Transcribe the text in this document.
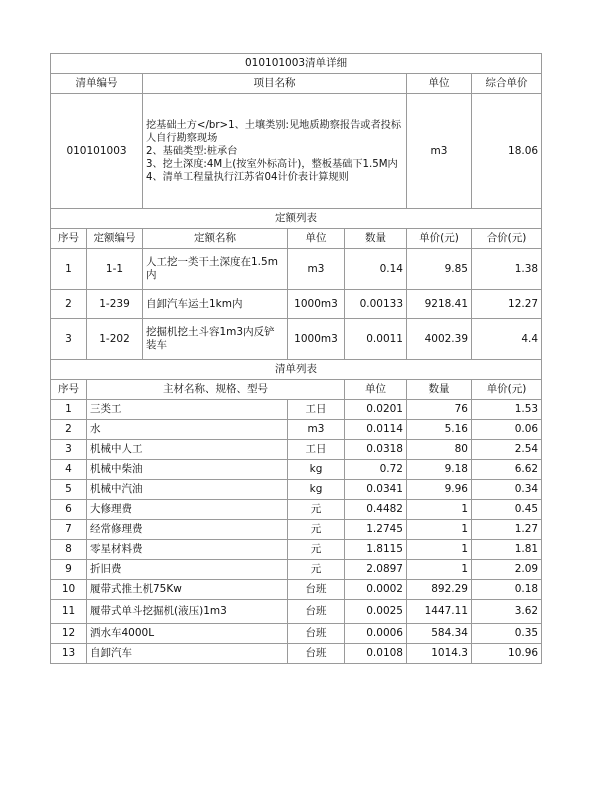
010101003清单详细							
清单编号		项目名称			单位	综合单价	
010101003		挖基础土方</br>1、土壤类别:见地质勘察报告或者投标人自行勘察现场
2、基础类型:桩承台
3、挖土深度:4M上(按室外标高计)，整板基础下1.5M内
4、清单工程量执行江苏省04计价表计算规则			m3	18.06	
定额列表							
序号	定额编号	定额名称	单位	数量	单价(元)	合价(元)	
1	1-1	人工挖一类干土深度在1.5m内	m3	0.14	9.85	1.38	
2	1-239	自卸汽车运土1km内	1000m3	0.00133	9218.41	12.27	
3	1-202	挖掘机挖土斗容1m3内反铲装车	1000m3	0.0011	4002.39	4.4	
清单列表							
序号	主材名称、规格、型号			单位	数量	单价(元)	
1	三类工		工日	0.0201	76	1.53	
2	水		m3	0.0114	5.16	0.06	
3	机械中人工		工日	0.0318	80	2.54	
4	机械中柴油		kg	0.72	9.18	6.62	
5	机械中汽油		kg	0.0341	9.96	0.34	
6	大修理费		元	0.4482	1	0.45	
7	经常修理费		元	1.2745	1	1.27	
8	零星材料费		元	1.8115	1	1.81	
9	折旧费		元	2.0897	1	2.09	
10	履带式推土机75Kw		台班	0.0002	892.29	0.18	
11	履带式单斗挖掘机(液压)1m3		台班	0.0025	1447.11	3.62	
12	洒水车4000L		台班	0.0006	584.34	0.35	
13	自卸汽车		台班	0.0108	1014.3	10.96	
